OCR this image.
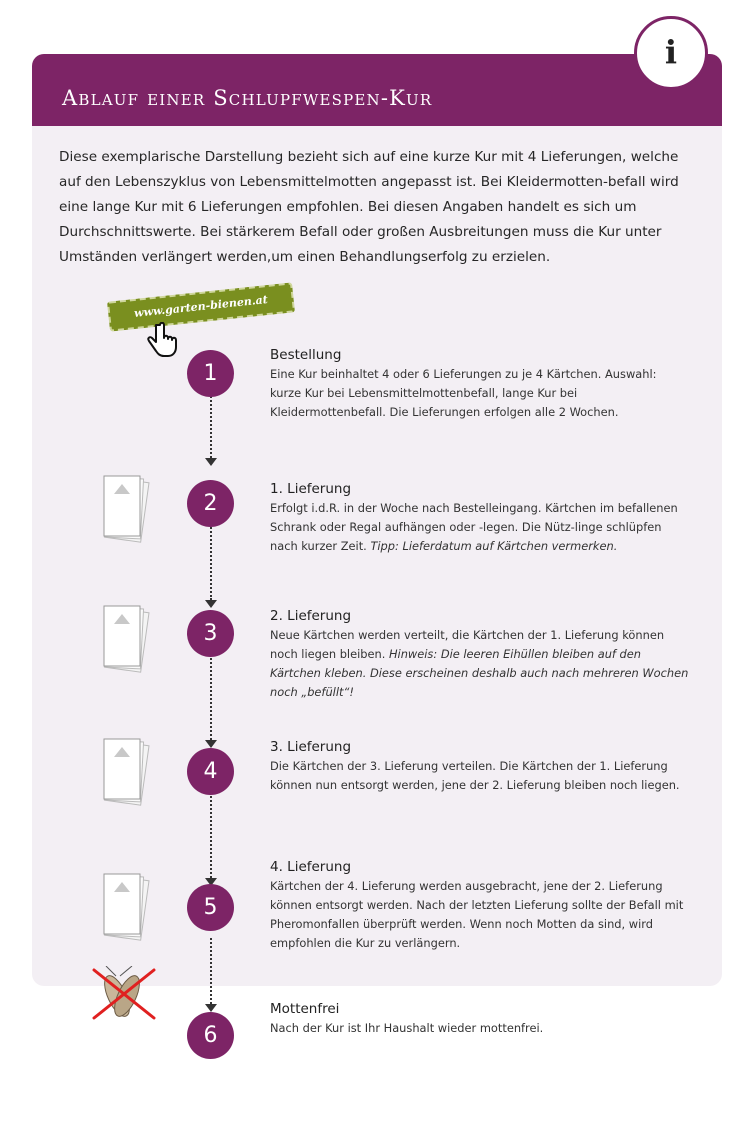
Ablauf einer Schlupfwespen-Kur
i

Diese exemplarische Darstellung bezieht sich auf eine kurze Kur mit 4 Lieferungen, welche auf den Lebenszyklus von Lebensmittelmotten angepasst ist. Bei Kleidermotten-befall wird eine lange Kur mit 6 Lieferungen empfohlen. Bei diesen Angaben handelt es sich um Durchschnittswerte. Bei stärkerem Befall oder großen Ausbreitungen muss die Kur unter Umständen verlängert werden,um einen Behandlungserfolg zu erzielen.

www.garten-bienen.at
1
2
3
4
5
6
Bestellung
Eine Kur beinhaltet 4 oder 6 Lieferungen zu je 4 Kärtchen. Auswahl: kurze Kur bei Lebensmittelmottenbefall, lange Kur bei Kleidermottenbefall. Die Lieferungen erfolgen alle 2 Wochen.
1. Lieferung
Erfolgt i.d.R. in der Woche nach Bestelleingang. Kärtchen im befallenen Schrank oder Regal aufhängen oder -legen. Die Nütz-linge schlüpfen nach kurzer Zeit. Tipp: Lieferdatum auf Kärtchen vermerken.
2. Lieferung
Neue Kärtchen werden verteilt, die Kärtchen der 1. Lieferung können noch liegen bleiben. Hinweis: Die leeren Eihüllen bleiben auf den Kärtchen kleben. Diese erscheinen deshalb auch nach mehreren Wochen noch „befüllt“!
3. Lieferung
Die Kärtchen der 3. Lieferung verteilen. Die Kärtchen der 1. Lieferung können nun entsorgt werden, jene der 2. Lieferung bleiben noch liegen.
4. Lieferung
Kärtchen der 4. Lieferung werden ausgebracht, jene der 2. Lieferung können entsorgt werden. Nach der letzten Lieferung sollte der Befall mit Pheromonfallen überprüft werden. Wenn noch Motten da sind, wird empfohlen die Kur zu verlängern.
Mottenfrei
Nach der Kur ist Ihr Haushalt wieder mottenfrei.
